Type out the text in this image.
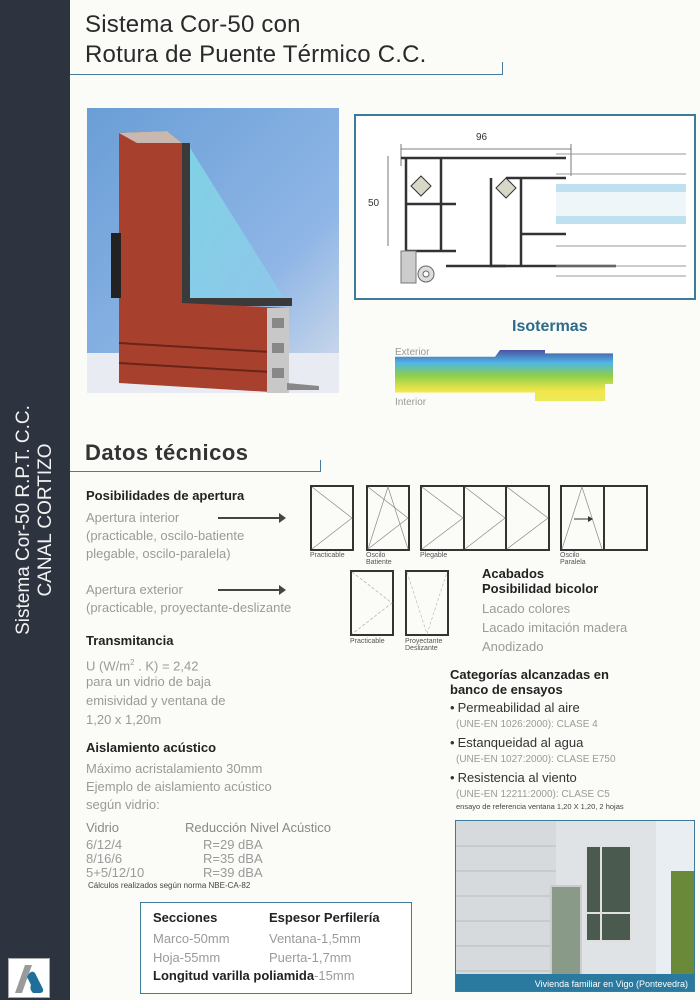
Sistema Cor-50 R.P.T. C.C. CANAL CORTIZO
Sistema Cor-50 con
Rotura de Puente Térmico C.C.
96
50
Isotermas
Exterior
Interior
Datos técnicos
Posibilidades de apertura
Apertura interior
(practicable, oscilo-batiente
plegable, oscilo-paralela)	Practicable	Oscilo
Batiente
Plegable	Oscilo
Paralela
Apertura exterior
(practicable, proyectante-deslizante
Practicable	Proyectante
Deslizante
Acabados
Posibilidad bicolor
Lacado colores
Lacado imitación madera
Anodizado
Transmitancia
U ($W/m^2$ . K) = 2,42
para un vidrio de baja
emisividad y ventana de
1,20 x 1,20m
Aislamiento acústico
Máximo acristalamiento 30mm
Ejemplo de aislamiento acústico
según vidrio:
Vidrio	Reducción Nivel Acústico
6/12/4	R=29 dBA
8/16/6	R=35 dBA
5+5/12/10	R=39 dBA
Cálculos realizados según norma NBE-CA-82
Secciones	Espesor Perfilería
Marco-50mm	Ventana-1,5mm
Hoja-55mm	Puerta-1,7mm
Longitud varilla poliamida-15mm
Categorías alcanzadas en
banco de ensayos
• Permeabilidad al aire
(UNE-EN 1026:2000): CLASE 4
• Estanqueidad al agua
(UNE-EN 1027:2000): CLASE E750
• Resistencia al viento
(UNE-EN 12211:2000): CLASE C5
ensayo de referencia ventana 1,20 X 1,20, 2 hojas
Vivienda familiar en Vigo (Pontevedra)
